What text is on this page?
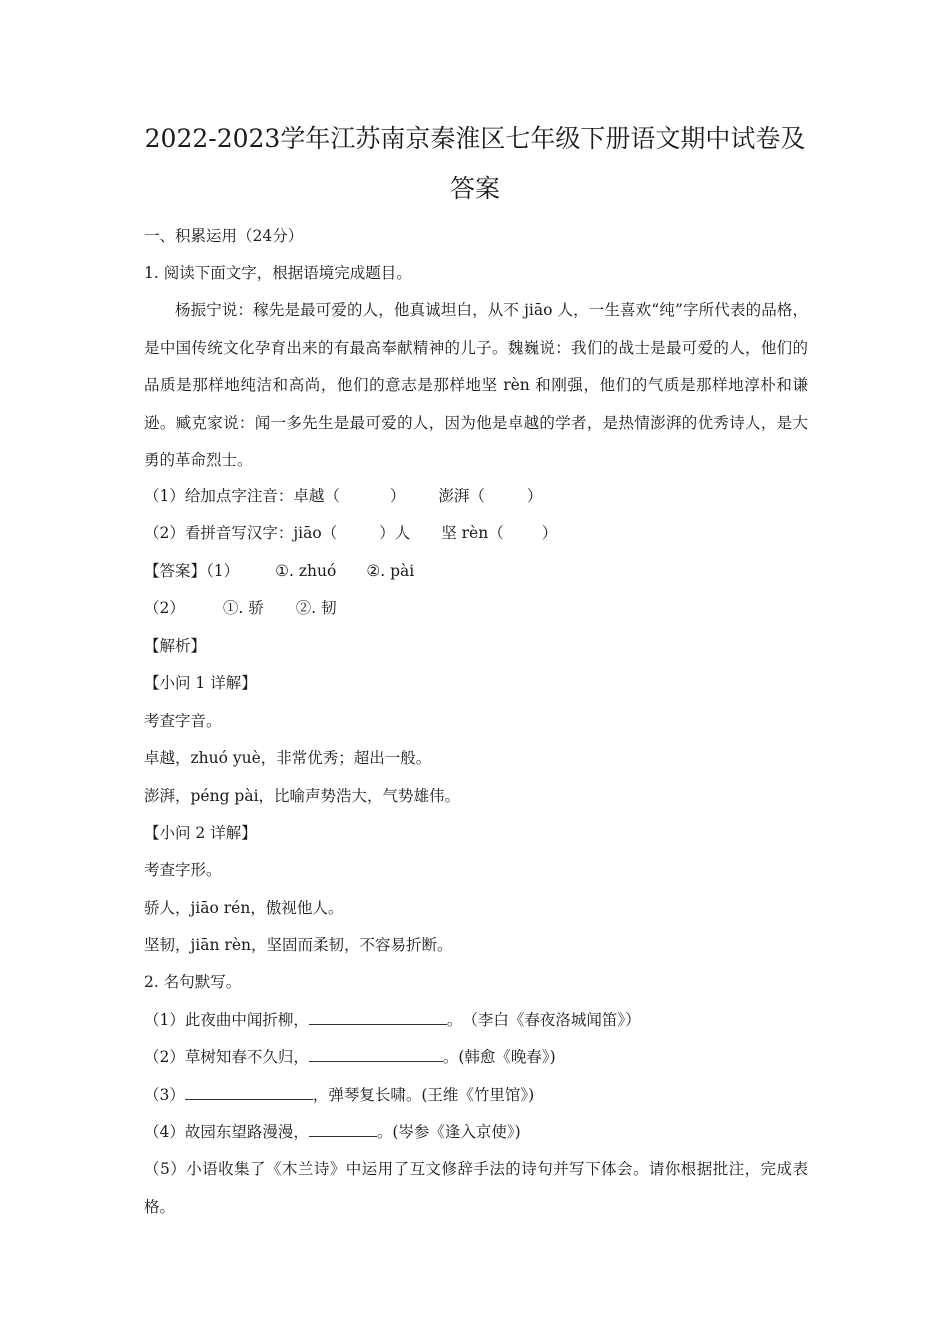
2022-2023学年江苏南京秦淮区七年级下册语文期中试卷及
答案
一、积累运用（24分）
1. 阅读下面文字，根据语境完成题目。
杨振宁说：稼先是最可爱的人，他真诚坦白，从不 jiāo 人，一生喜欢“纯”字所代表的品格，是中国传统文化孕育出来的有最高奉献精神的儿子。魏巍说：我们的战士是最可爱的人，他们的品质是那样地纯洁和高尚，他们的意志是那样地坚 rèn 和刚强，他们的气质是那样地淳朴和谦逊。臧克家说：闻一多先生是最可爱的人，因为他是卓越的学者，是热情澎湃的优秀诗人，是大勇的革命烈士。
（1）给加点字注音：卓越（	） 澎湃（	）
（2）看拼音写汉字：jiāo（	）人 坚 rèn（ ）
【答案】（1） ①. zhuó ②. pài
（2） ①. 骄 ②. 韧
【解析】
【小问 1 详解】
考查字音。
卓越，zhuó yuè，非常优秀；超出一般。
澎湃，péng pài，比喻声势浩大，气势雄伟。
【小问 2 详解】
考查字形。
骄人，jiāo rén，傲视他人。
坚韧，jiān rèn，坚固而柔韧，不容易折断。
2. 名句默写。
（1）此夜曲中闻折柳，	。　（李白《春夜洛城闻笛》）
（2）草树知春不久归，	。(韩愈《晚春》)
（3）	，弹琴复长啸。(王维《竹里馆》)
（4）故园东望路漫漫，	。(岑参《逢入京使》)
（5）小语收集了《木兰诗》中运用了互文修辞手法的诗句并写下体会。请你根据批注，完成表格。
